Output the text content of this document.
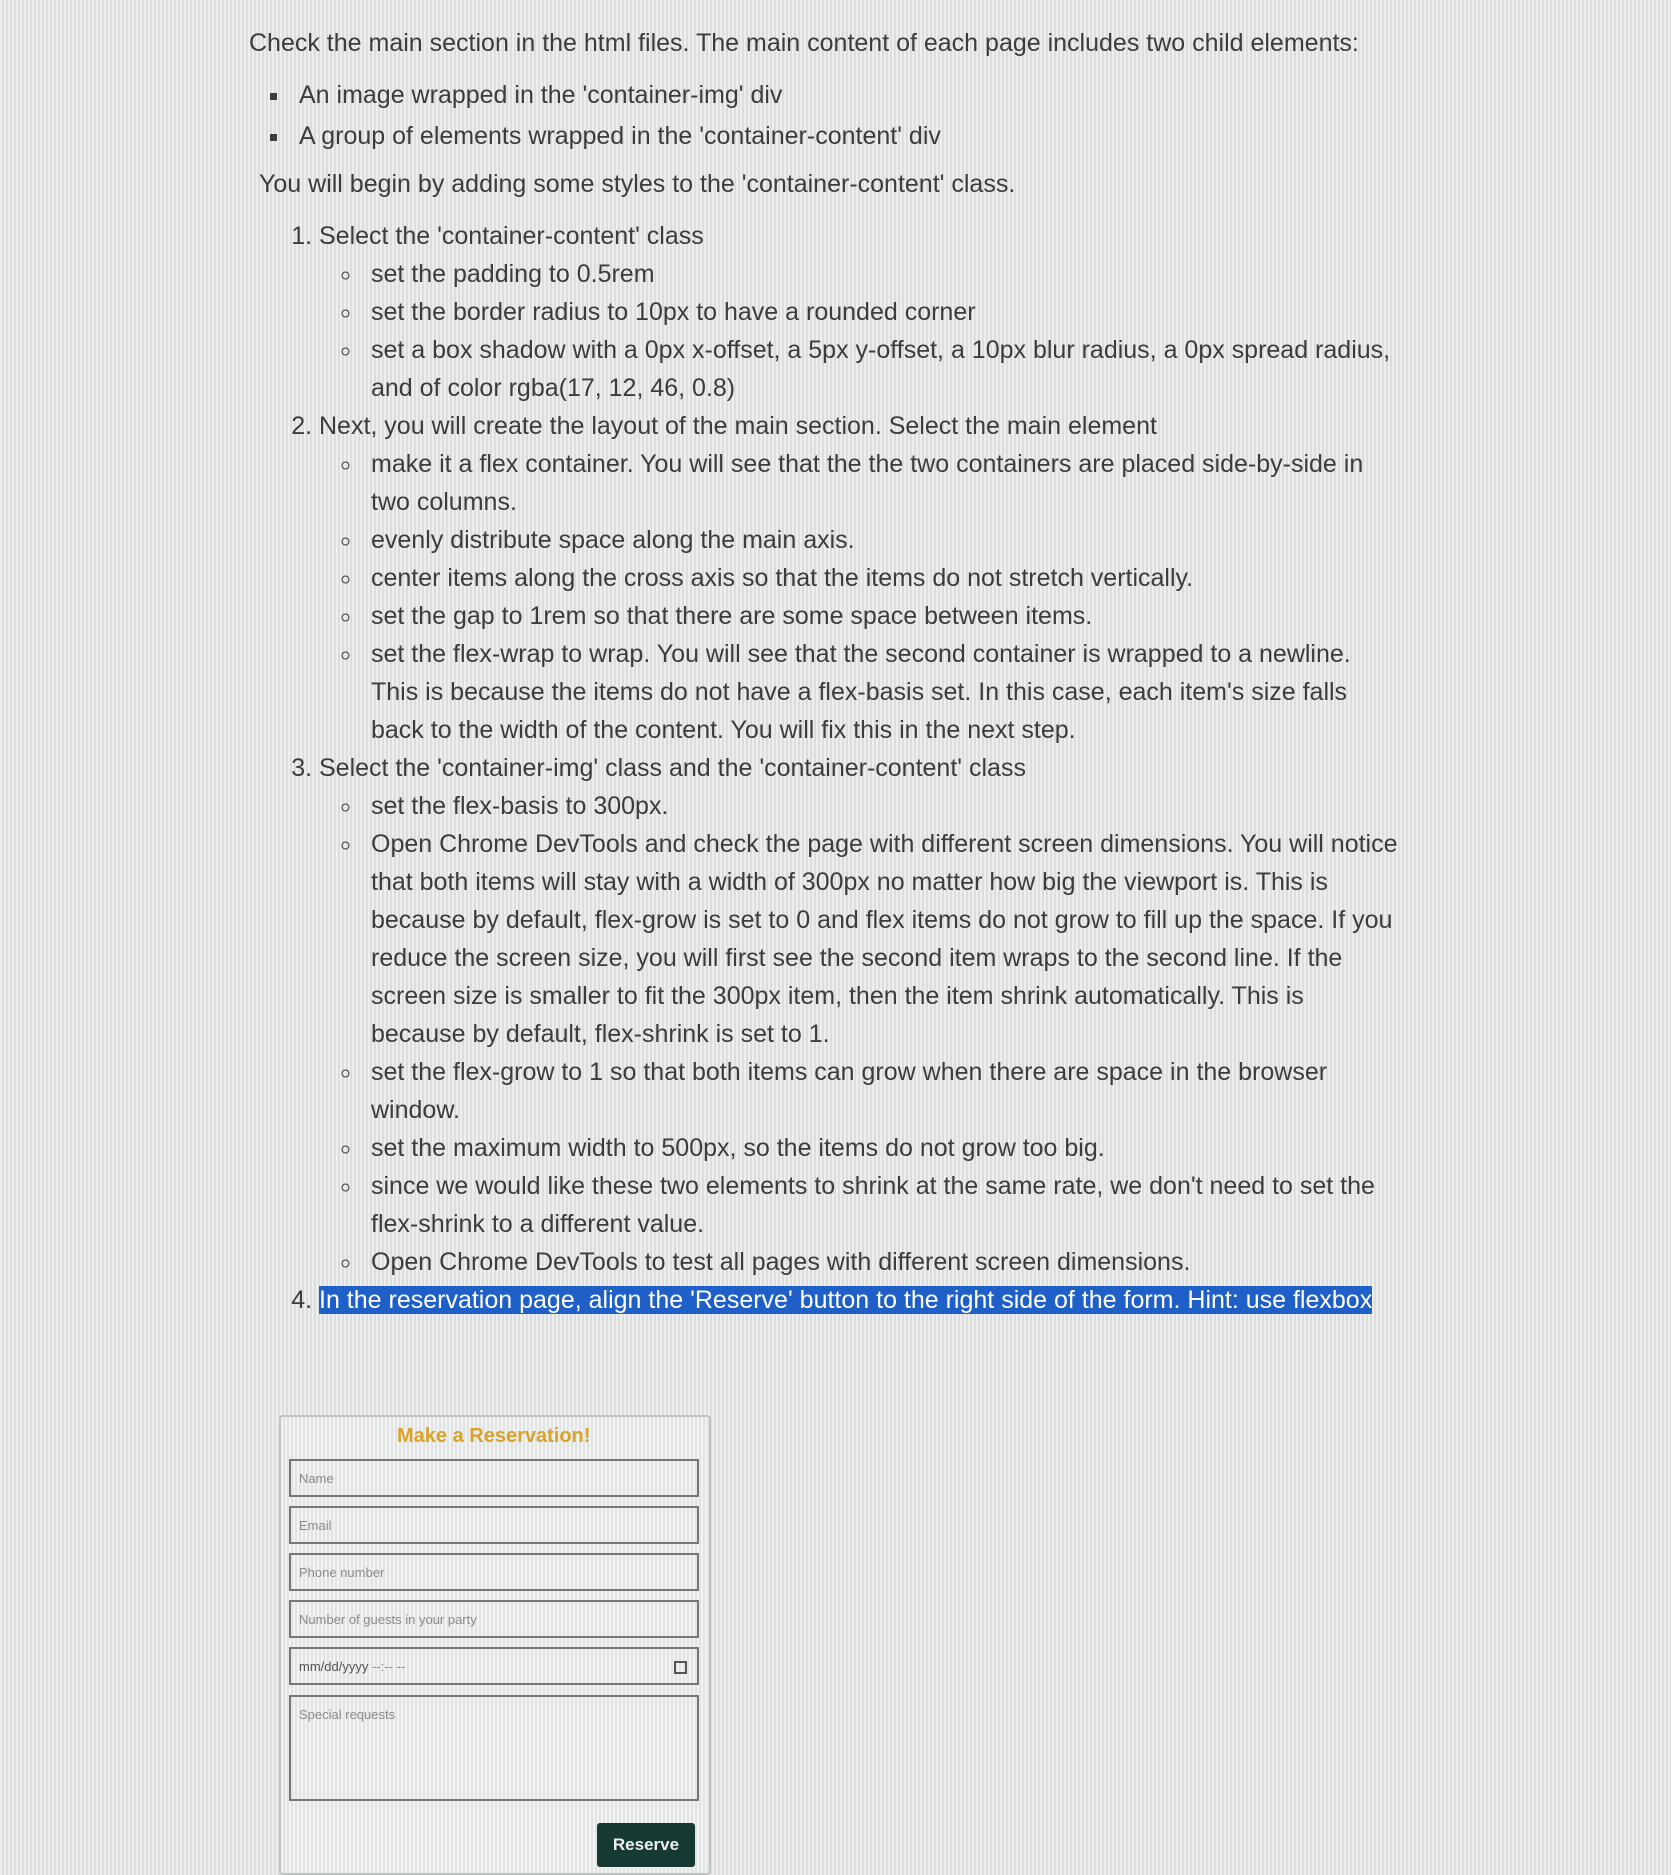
Check the main section in the html files. The main content of each page includes two child elements:

▪ An image wrapped in the 'container-img' div
▪ A group of elements wrapped in the 'container-content' div

You will begin by adding some styles to the 'container-content' class.

1. Select the 'container-content' class
◦ set the padding to 0.5rem
◦ set the border radius to 10px to have a rounded corner
◦ set a box shadow with a 0px x-offset, a 5px y-offset, a 10px blur radius, a 0px spread radius, and of color rgba(17, 12, 46, 0.8)
2. Next, you will create the layout of the main section. Select the main element
◦ make it a flex container. You will see that the the two containers are placed side-by-side in two columns.
◦ evenly distribute space along the main axis.
◦ center items along the cross axis so that the items do not stretch vertically.
◦ set the gap to 1rem so that there are some space between items.
◦ set the flex-wrap to wrap. You will see that the second container is wrapped to a newline. This is because the items do not have a flex-basis set. In this case, each item's size falls back to the width of the content. You will fix this in the next step.
3. Select the 'container-img' class and the 'container-content' class
◦ set the flex-basis to 300px.
◦ Open Chrome DevTools and check the page with different screen dimensions. You will notice that both items will stay with a width of 300px no matter how big the viewport is. This is because by default, flex-grow is set to 0 and flex items do not grow to fill up the space. If you reduce the screen size, you will first see the second item wraps to the second line. If the screen size is smaller to fit the 300px item, then the item shrink automatically. This is because by default, flex-shrink is set to 1.
◦ set the flex-grow to 1 so that both items can grow when there are space in the browser window.
◦ set the maximum width to 500px, so the items do not grow too big.
◦ since we would like these two elements to shrink at the same rate, we don't need to set the flex-shrink to a different value.
◦ Open Chrome DevTools to test all pages with different screen dimensions.
4. In the reservation page, align the 'Reserve' button to the right side of the form. Hint: use flexbox
Make a Reservation!
Name
Email
Phone number
Number of guests in your party
mm/dd/yyyy --:-- --
Special requests
Reserve
